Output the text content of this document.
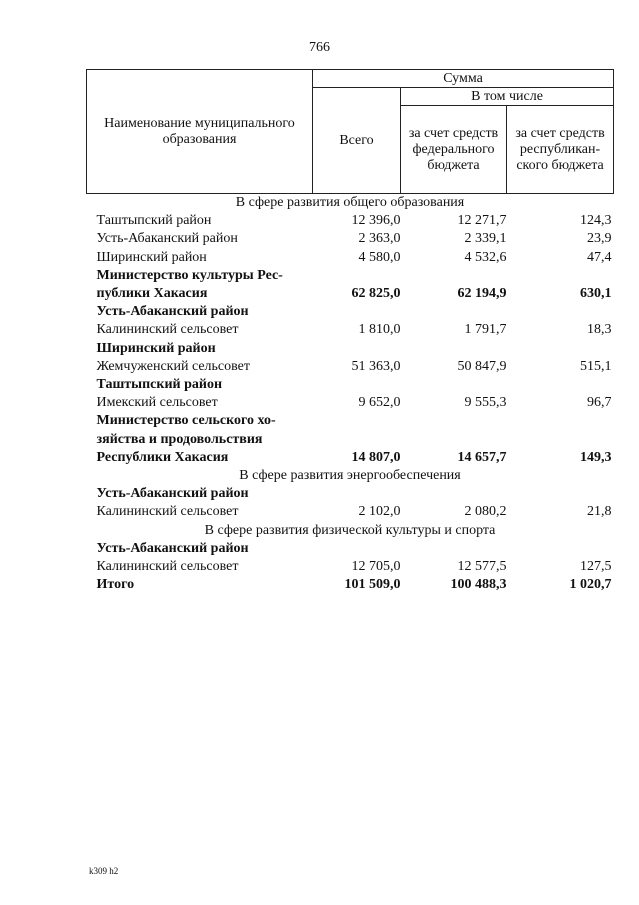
766
Наименование муниципального образования	Сумма		
	Всего	В том числе	
		за счет средств федерального бюджета	за счет средств республикан-ского бюджета
В сфере развития общего образования			
Таштыпский район	12 396,0	12 271,7	124,3
Усть-Абаканский район	2 363,0	2 339,1	23,9
Ширинский район	4 580,0	4 532,6	47,4

Министерство культуры Рес-
публики Хакасия	62 825,0	62 194,9	630,1
Усть-Абаканский район			
Калининский сельсовет	1 810,0	1 791,7	18,3
Ширинский район			
Жемчуженский сельсовет	51 363,0	50 847,9	515,1
Таштыпский район			
Имекский сельсовет	9 652,0	9 555,3	96,7

Министерство сельского хо-
зяйства и продовольствия
Республики Хакасия	14 807,0	14 657,7	149,3
В сфере развития энергообеспечения			
Усть-Абаканский район			
Калининский сельсовет	2 102,0	2 080,2	21,8
В сфере развития физической культуры и спорта			
Усть-Абаканский район			
Калининский сельсовет	12 705,0	12 577,5	127,5
Итого	101 509,0	100 488,3	1 020,7
k309 h2
